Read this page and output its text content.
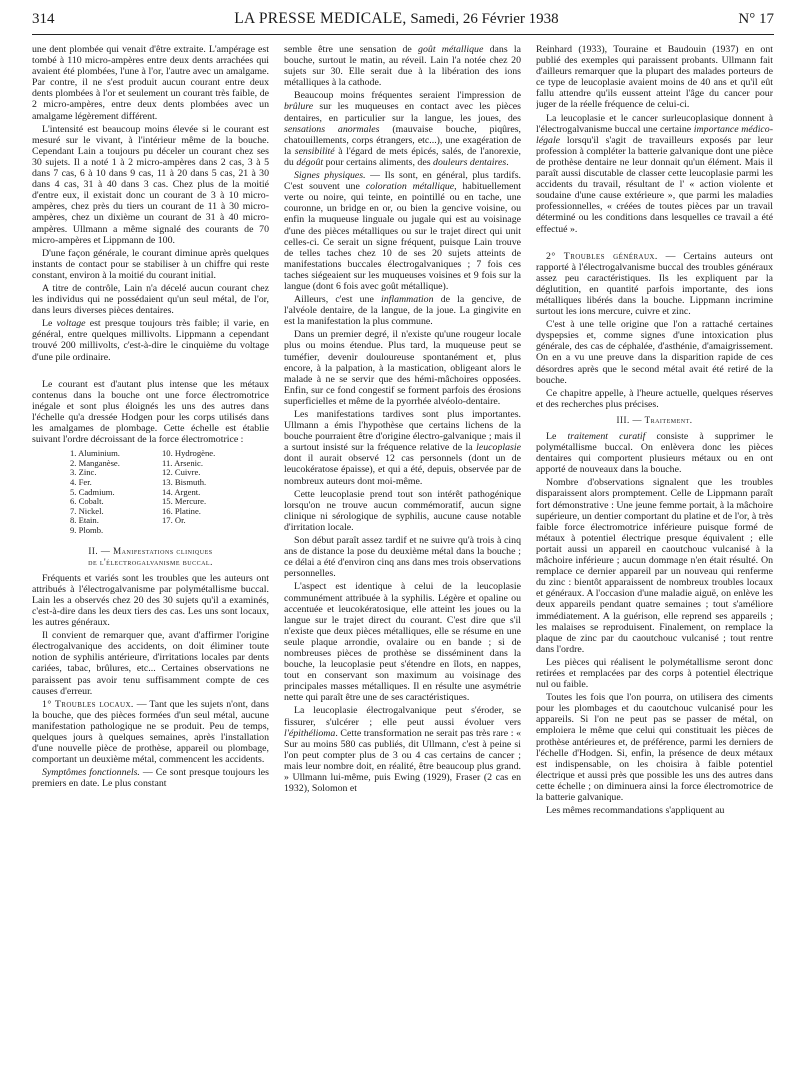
314	LA PRESSE MEDICALE, Samedi, 26 Février 1938	N° 17

une dent plombée qui venait d'être extraite. L'ampérage est tombé à 110 micro-ampères entre deux dents arrachées qui avaient été plombées, l'une à l'or, l'autre avec un amalgame. Par contre, il ne s'est produit aucun courant entre deux dents plombées à l'or et seulement un courant très faible, de 2 micro-ampères, entre deux dents plombées avec un amalgame légèrement différent.

L'intensité est beaucoup moins élevée si le courant est mesuré sur le vivant, à l'intérieur même de la bouche. Cependant Lain a toujours pu déceler un courant chez ses 30 sujets. Il a noté 1 à 2 micro-ampères dans 2 cas, 3 à 5 dans 7 cas, 6 à 10 dans 9 cas, 11 à 20 dans 5 cas, 21 à 30 dans 4 cas, 31 à 40 dans 3 cas. Chez plus de la moitié d'entre eux, il existait donc un courant de 3 à 10 micro-ampères, chez près du tiers un courant de 11 à 30 micro-ampères, chez un dixième un courant de 31 à 40 micro-ampères. Ullmann a même signalé des courants de 70 micro-ampères et Lippmann de 100.

D'une façon générale, le courant diminue après quelques instants de contact pour se stabiliser à un chiffre qui reste constant, environ à la moitié du courant initial.

A titre de contrôle, Lain n'a décelé aucun courant chez les individus qui ne possédaient qu'un seul métal, de l'or, dans leurs diverses pièces dentaires.

Le voltage est presque toujours très faible; il varie, en général, entre quelques millivolts. Lippmann a cependant trouvé 200 millivolts, c'est-à-dire le cinquième du voltage d'une pile ordinaire.

Le courant est d'autant plus intense que les métaux contenus dans la bouche ont une force électromotrice inégale et sont plus éloignés les uns des autres dans l'échelle qu'a dressée Hodgen pour les corps utilisés dans les amalgames de plombage. Cette échelle est établie suivant l'ordre décroissant de la force électromotrice :

1. Aluminium.
2. Manganèse.
3. Zinc.
4. Fer.
5. Cadmium.
6. Cobalt.
7. Nickel.
8. Etain.
9. Plomb.
10. Hydrogène.
11. Arsenic.
12. Cuivre.
13. Bismuth.
14. Argent.
15. Mercure.
16. Platine.
17. Or.
II. — Manifestations cliniques
de l'électrogalvanisme buccal.

Fréquents et variés sont les troubles que les auteurs ont attribués à l'électrogalvanisme par polymétallisme buccal. Lain les a observés chez 20 des 30 sujets qu'il a examinés, c'est-à-dire dans les deux tiers des cas. Les uns sont locaux, les autres généraux.

Il convient de remarquer que, avant d'affirmer l'origine électrogalvanique des accidents, on doit éliminer toute notion de syphilis antérieure, d'irritations locales par dents cariées, tabac, brûlures, etc... Certaines observations ne paraissent pas avoir tenu suffisamment compte de ces causes d'erreur.

1° Troubles locaux. — Tant que les sujets n'ont, dans la bouche, que des pièces formées d'un seul métal, aucune manifestation pathologique ne se produit. Peu de temps, quelques jours à quelques semaines, après l'installation d'une nouvelle pièce de prothèse, appareil ou plombage, comportant un deuxième métal, commencent les accidents.

Symptômes fonctionnels. — Ce sont presque toujours les premiers en date. Le plus constant

semble être une sensation de goût métallique dans la bouche, surtout le matin, au réveil. Lain l'a notée chez 20 sujets sur 30. Elle serait due à la libération des ions métalliques à la cathode.

Beaucoup moins fréquentes seraient l'impression de brûlure sur les muqueuses en contact avec les pièces dentaires, en particulier sur la langue, les joues, des sensations anormales (mauvaise bouche, piqûres, chatouillements, corps étrangers, etc...), une exagération de la sensibilité à l'égard de mets épicés, salés, de l'anorexie, du dégoût pour certains aliments, des douleurs dentaires.

Signes physiques. — Ils sont, en général, plus tardifs. C'est souvent une coloration métallique, habituellement verte ou noire, qui teinte, en pointillé ou en tache, une couronne, un bridge en or, ou bien la gencive voisine, ou enfin la muqueuse linguale ou jugale qui est au voisinage d'une des pièces métalliques ou sur le trajet direct qui unit celles-ci. Ce serait un signe fréquent, puisque Lain trouve de telles taches chez 10 de ses 20 sujets atteints de manifestations buccales électrogalvaniques ; 7 fois ces taches siégeaient sur les muqueuses voisines et 9 fois sur la langue (dont 6 fois avec goût métallique).

Ailleurs, c'est une inflammation de la gencive, de l'alvéole dentaire, de la langue, de la joue. La gingivite en est la manifestation la plus commune.

Dans un premier degré, il n'existe qu'une rougeur locale plus ou moins étendue. Plus tard, la muqueuse peut se tuméfier, devenir douloureuse spontanément et, plus encore, à la palpation, à la mastication, obligeant alors le malade à ne se servir que des hémi-mâchoires opposées. Enfin, sur ce fond congestif se forment parfois des érosions superficielles et même de la pyorrhée alvéolo-dentaire.

Les manifestations tardives sont plus importantes. Ullmann a émis l'hypothèse que certains lichens de la bouche pourraient être d'origine électro-galvanique ; mais il a surtout insisté sur la fréquence relative de la leucoplasie dont il aurait observé 12 cas personnels (dont un de leucokératose épaisse), et qui a été, depuis, observée par de nombreux auteurs dont moi-même.

Cette leucoplasie prend tout son intérêt pathogénique lorsqu'on ne trouve aucun commémoratif, aucun signe clinique ni sérologique de syphilis, aucune cause notable d'irritation locale.

Son début paraît assez tardif et ne suivre qu'à trois à cinq ans de distance la pose du deuxième métal dans la bouche ; ce délai a été d'environ cinq ans dans mes trois observations personnelles.

L'aspect est identique à celui de la leucoplasie communément attribuée à la syphilis. Légère et opaline ou accentuée et leucokératosique, elle atteint les joues ou la langue sur le trajet direct du courant. C'est dire que s'il n'existe que deux pièces métalliques, elle se résume en une seule plaque arrondie, ovalaire ou en bande ; si de nombreuses pièces de prothèse se disséminent dans la bouche, la leucoplasie peut s'étendre en îlots, en nappes, tout en conservant son maximum au voisinage des principales masses métalliques. Il en résulte une asymétrie nette qui paraît être une de ses caractéristiques.

La leucoplasie électrogalvanique peut s'éroder, se fissurer, s'ulcérer ; elle peut aussi évoluer vers l'épithélioma. Cette transformation ne serait pas très rare : « Sur au moins 580 cas publiés, dit Ullmann, c'est à peine si l'on peut compter plus de 3 ou 4 cas certains de cancer ; mais leur nombre doit, en réalité, être beaucoup plus grand. » Ullmann lui-même, puis Ewing (1929), Fraser (2 cas en 1932), Solomon et

Reinhard (1933), Touraine et Baudouin (1937) en ont publié des exemples qui paraissent probants. Ullmann fait d'ailleurs remarquer que la plupart des malades porteurs de ce type de leucoplasie avaient moins de 40 ans et qu'il eût fallu attendre qu'ils eussent atteint l'âge du cancer pour juger de la réelle fréquence de celui-ci.

La leucoplasie et le cancer surleucoplasique donnent à l'électrogalvanisme buccal une certaine importance médico-légale lorsqu'il s'agit de travailleurs exposés par leur profession à compléter la batterie galvanique dont une pièce de prothèse dentaire ne leur donnait qu'un élément. Mais il paraît aussi discutable de classer cette leucoplasie parmi les accidents du travail, résultant de l' « action violente et soudaine d'une cause extérieure », que parmi les maladies professionnelles, « créées de toutes pièces par un travail déterminé ou les conditions dans lesquelles ce travail a été effectué ».

2° Troubles généraux. — Certains auteurs ont rapporté à l'électrogalvanisme buccal des troubles généraux assez peu caractéristiques. Ils les expliquent par la déglutition, en quantité parfois importante, des ions métalliques libérés dans la bouche. Lippmann incrimine surtout les ions mercure, cuivre et zinc.

C'est à une telle origine que l'on a rattaché certaines dyspepsies et, comme signes d'une intoxication plus générale, des cas de céphalée, d'asthénie, d'amaigrissement. On en a vu une preuve dans la disparition rapide de ces désordres après que le second métal avait été retiré de la bouche.

Ce chapitre appelle, à l'heure actuelle, quelques réserves et des recherches plus précises.

III. — Traitement.

Le traitement curatif consiste à supprimer le polymétallisme buccal. On enlèvera donc les pièces dentaires qui comportent plusieurs métaux ou en ont apporté de nouveaux dans la bouche.

Nombre d'observations signalent que les troubles disparaissent alors promptement. Celle de Lippmann paraît fort démonstrative : Une jeune femme portait, à la mâchoire supérieure, un dentier comportant du platine et de l'or, à très faible force électromotrice inférieure puisque formé de métaux à potentiel électrique presque équivalent ; elle portait aussi un appareil en caoutchouc vulcanisé à la mâchoire inférieure ; aucun dommage n'en était résulté. On remplace ce dernier appareil par un nouveau qui renferme du zinc : bientôt apparaissent de nombreux troubles locaux et généraux. A l'occasion d'une maladie aiguë, on enlève les deux appareils pendant quatre semaines ; tout s'améliore immédiatement. A la guérison, elle reprend ses appareils ; les malaises se reproduisent. Finalement, on remplace la plaque de zinc par du caoutchouc vulcanisé ; tout rentre dans l'ordre.

Les pièces qui réalisent le polymétallisme seront donc retirées et remplacées par des corps à potentiel électrique nul ou faible.

Toutes les fois que l'on pourra, on utilisera des ciments pour les plombages et du caoutchouc vulcanisé pour les appareils. Si l'on ne peut pas se passer de métal, on emploiera le même que celui qui constituait les pièces de prothèse antérieures et, de préférence, parmi les derniers de l'échelle d'Hodgen. Si, enfin, la présence de deux métaux est indispensable, on les choisira à faible potentiel électrique et aussi près que possible les uns des autres dans cette échelle ; on diminuera ainsi la force électromotrice de la batterie galvanique.

Les mêmes recommandations s'appliquent au
